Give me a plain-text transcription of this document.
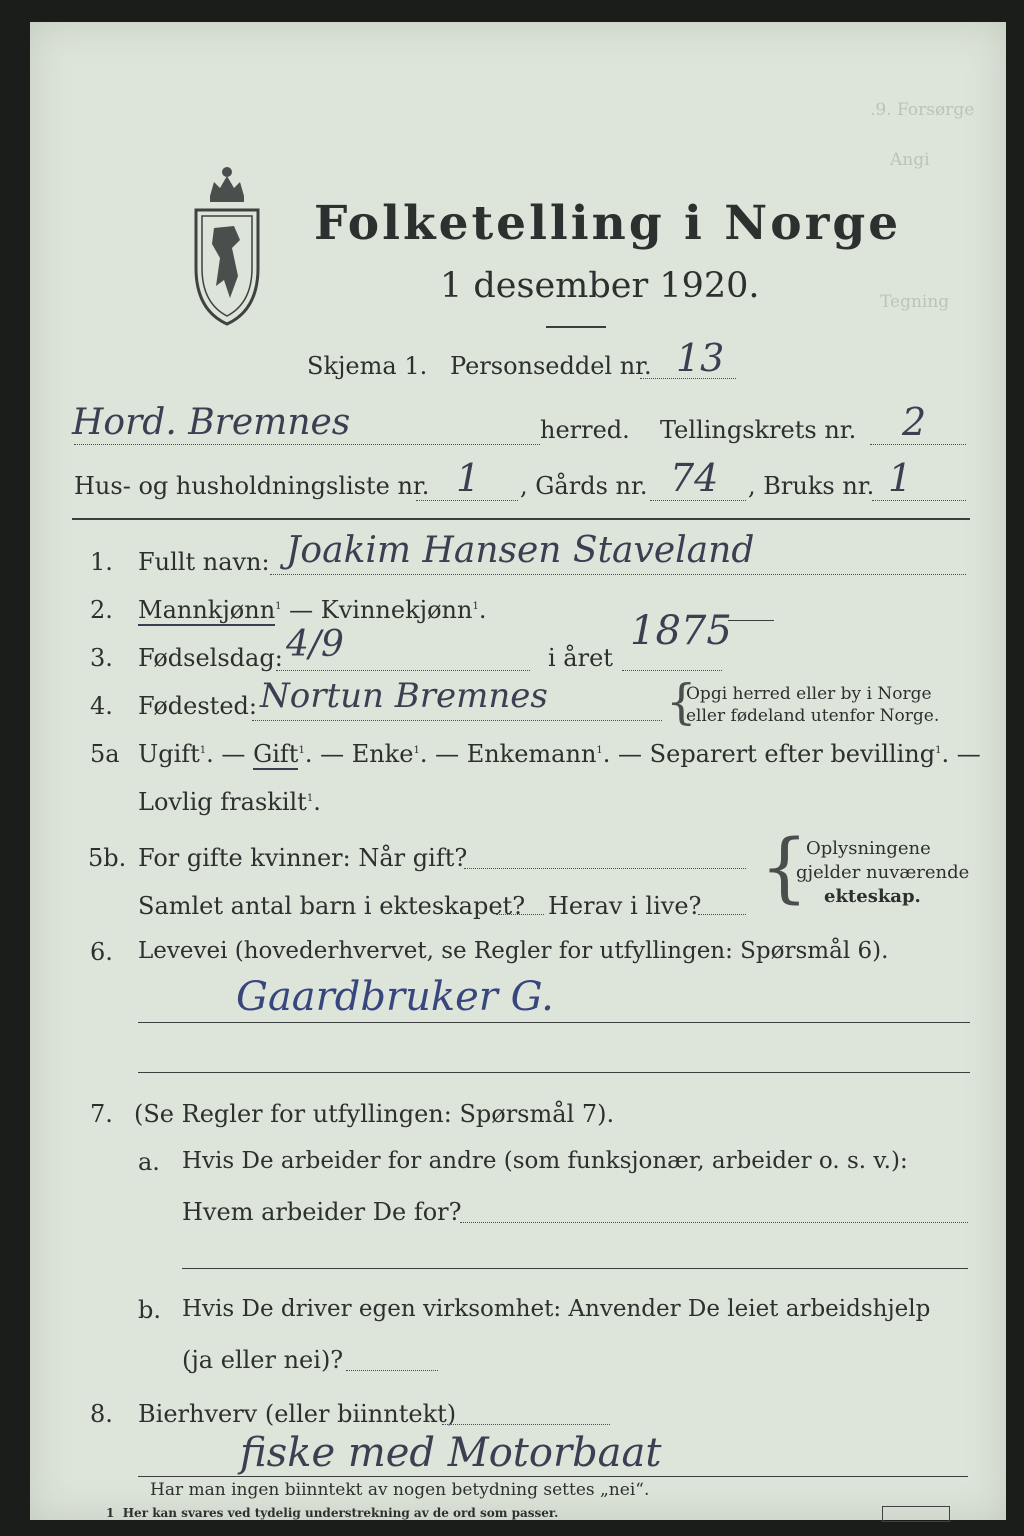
.9. Forsørge
Angi
Tegning
Folketelling i Norge
1 desember 1920.
Skjema 1. Personseddel nr. 13
Hord. Bremnes	herred. Tellingskrets nr. 2
Hus- og husholdningsliste nr. 1 , Gårds nr. 74 , Bruks nr. 1
1. Fullt navn: Joakim Hansen Staveland
2. Mannkjønn$^1$ — Kvinnekjønn$^1$.
3. Fødselsdag: 4/9	i året
1875
4. Fødested: Nortun Bremnes {
Opgi herred eller by i Norge
eller fødeland utenfor Norge.
5a Ugift$^1$. — Gift$^1$. — Enke$^1$. — Enkemann$^1$. — Separert efter bevilling$^1$. —
Lovlig fraskilt$^1$.
5b. For gifte kvinner: Når gift?
Samlet antal barn i ekteskapet? Herav i live? {
Oplysningene
gjelder nuværende
ekteskap.
6. Levevei (hovederhvervet, se Regler for utfyllingen: Spørsmål 6).
Gaardbruker G.
7. (Se Regler for utfyllingen: Spørsmål 7).
a. Hvis De arbeider for andre (som funksjonær, arbeider o. s. v.):
Hvem arbeider De for?
b. Hvis De driver egen virksomhet: Anvender De leiet arbeidshjelp
(ja eller nei)?
8. Bierhverv (eller biinntekt)
fiske med Motorbaat
Har man ingen biinntekt av nogen betydning settes „nei“.
1 Her kan svares ved tydelig understrekning av de ord som passer.
